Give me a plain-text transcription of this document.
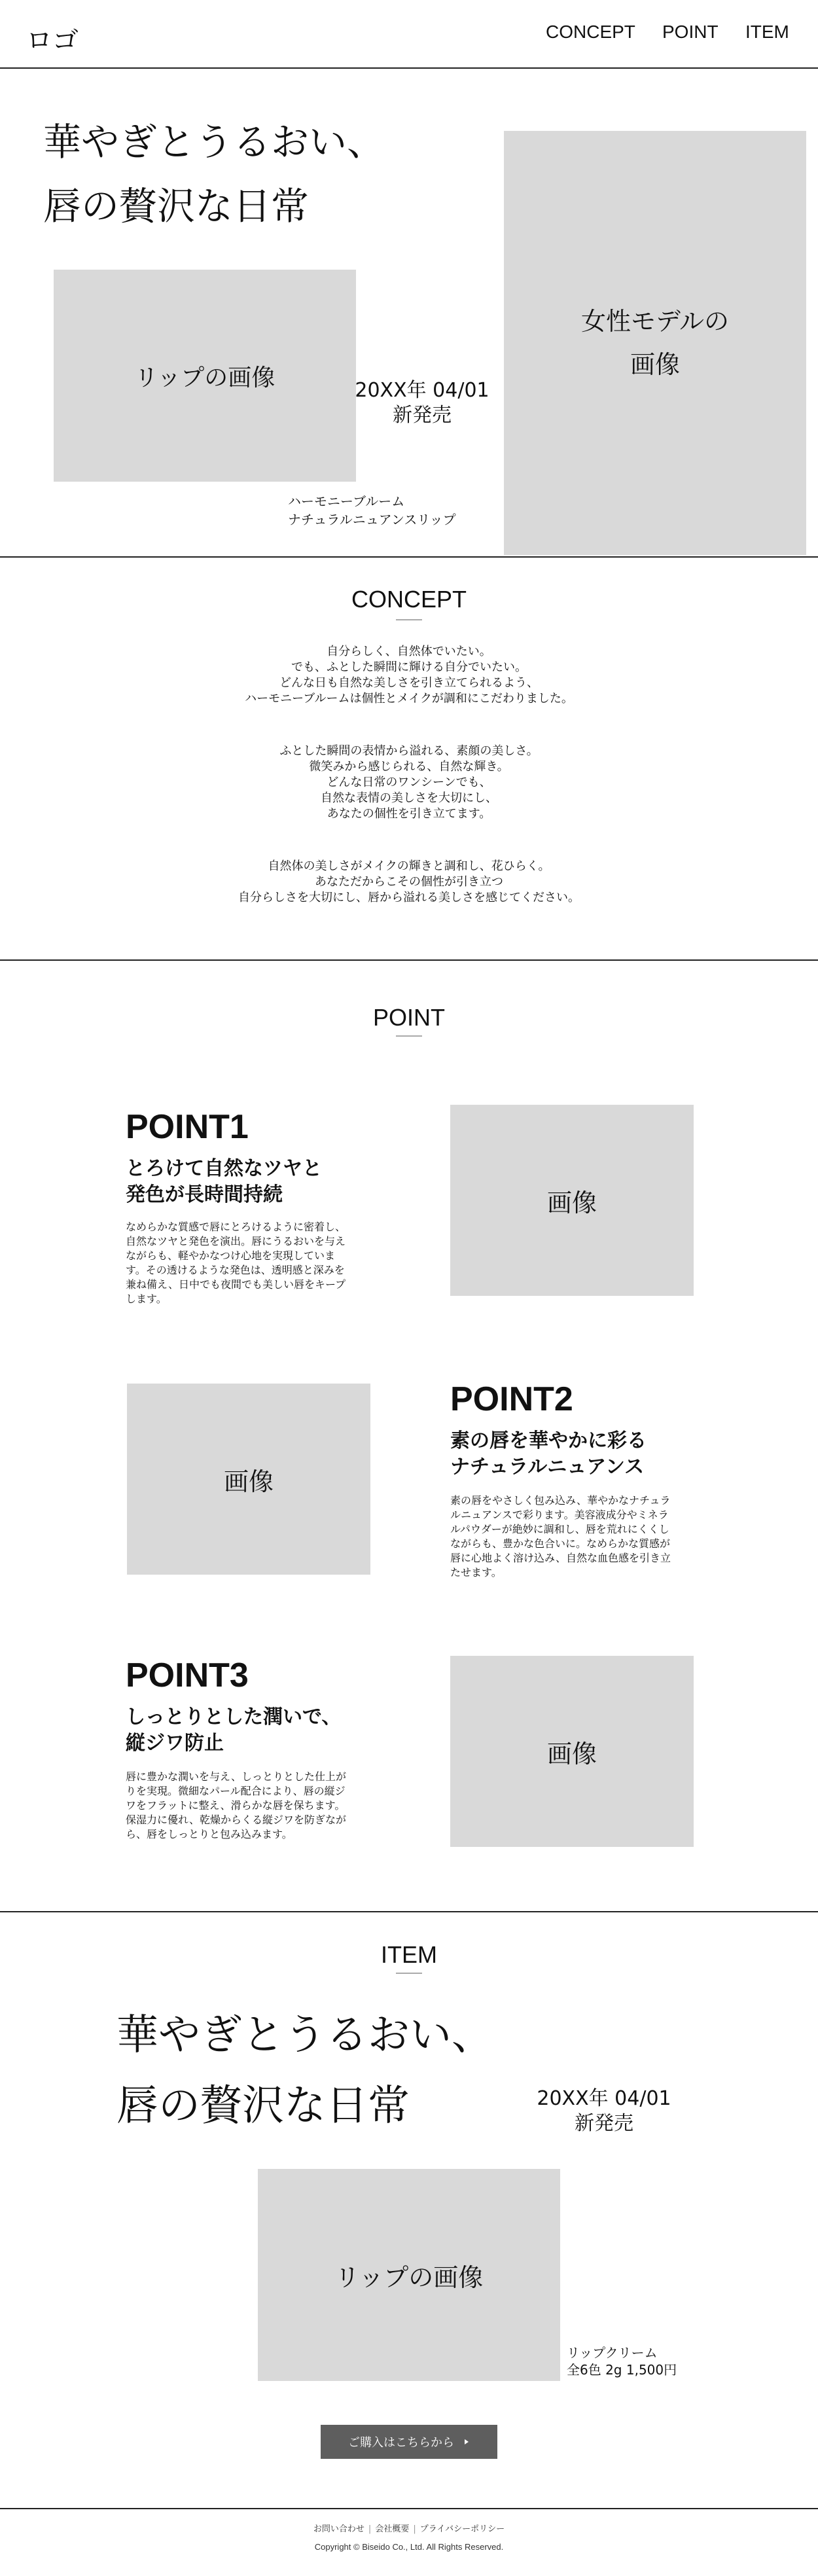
ロゴ	CONCEPT POINT ITEM
華やぎとうるおい、
唇の贅沢な日常
リップの画像
女性モデルの
画像
20XX年 04/01
新発売
ハーモニーブルーム
ナチュラルニュアンスリップ
CONCEPT
自分らしく、自然体でいたい。
でも、ふとした瞬間に輝ける自分でいたい。
どんな日も自然な美しさを引き立てられるよう、
ハーモニーブルームは個性とメイクが調和にこだわりました。
ふとした瞬間の表情から溢れる、素顔の美しさ。
微笑みから感じられる、自然な輝き。
どんな日常のワンシーンでも、
自然な表情の美しさを大切にし、
あなたの個性を引き立てます。
自然体の美しさがメイクの輝きと調和し、花ひらく。
あなただからこその個性が引き立つ
自分らしさを大切にし、唇から溢れる美しさを感じてください。
POINT
POINT1
とろけて自然なツヤと
発色が長時間持続
なめらかな質感で唇にとろけるように密着し、
自然なツヤと発色を演出。唇にうるおいを与え
ながらも、軽やかなつけ心地を実現していま
す。その透けるような発色は、透明感と深みを
兼ね備え、日中でも夜間でも美しい唇をキープ
します。
画像
画像
POINT2
素の唇を華やかに彩る
ナチュラルニュアンス
素の唇をやさしく包み込み、華やかなナチュラ
ルニュアンスで彩ります。美容液成分やミネラ
ルパウダーが絶妙に調和し、唇を荒れにくくし
ながらも、豊かな色合いに。なめらかな質感が
唇に心地よく溶け込み、自然な血色感を引き立
たせます。
POINT3
しっとりとした潤いで、
縦ジワ防止
唇に豊かな潤いを与え、しっとりとした仕上が
りを実現。微細なパール配合により、唇の縦ジ
ワをフラットに整え、滑らかな唇を保ちます。
保湿力に優れ、乾燥からくる縦ジワを防ぎなが
ら、唇をしっとりと包み込みます。
画像
ITEM
華やぎとうるおい、
唇の贅沢な日常	20XX年 04/01
新発売
リップの画像
リップクリーム
全6色 2g 1,500円
ご購入はこちらから
お問い合わせ | 会社概要 | プライバシーポリシー
Copyright © Biseido Co., Ltd. All Rights Reserved.
